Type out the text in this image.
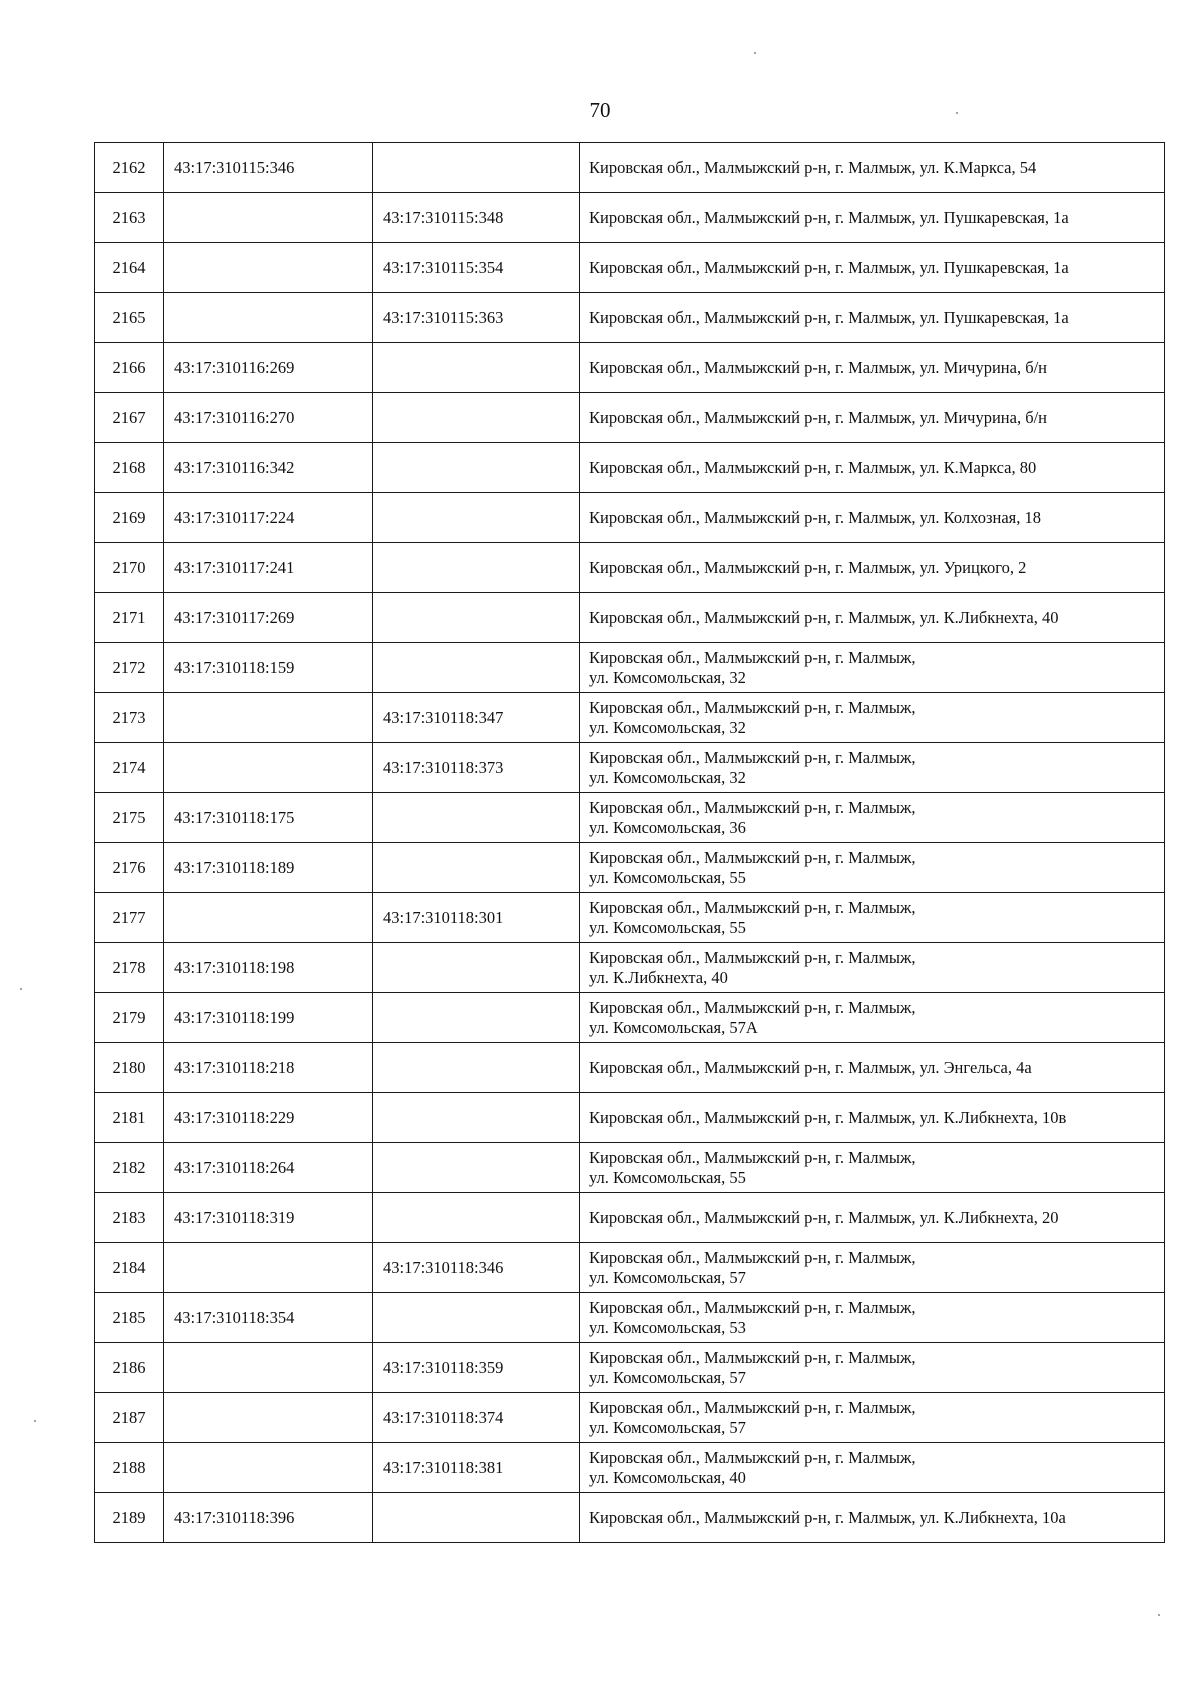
70
2162	43:17:310115:346		Кировская обл., Малмыжский р-н, г. Малмыж, ул. К.Маркса, 54

2163		43:17:310115:348	Кировская обл., Малмыжский р-н, г. Малмыж, ул. Пушкаревская, 1а

2164		43:17:310115:354	Кировская обл., Малмыжский р-н, г. Малмыж, ул. Пушкаревская, 1а

2165		43:17:310115:363	Кировская обл., Малмыжский р-н, г. Малмыж, ул. Пушкаревская, 1а

2166	43:17:310116:269		Кировская обл., Малмыжский р-н, г. Малмыж, ул. Мичурина, б/н

2167	43:17:310116:270		Кировская обл., Малмыжский р-н, г. Малмыж, ул. Мичурина, б/н

2168	43:17:310116:342		Кировская обл., Малмыжский р-н, г. Малмыж, ул. К.Маркса, 80

2169	43:17:310117:224		Кировская обл., Малмыжский р-н, г. Малмыж, ул. Колхозная, 18

2170	43:17:310117:241		Кировская обл., Малмыжский р-н, г. Малмыж, ул. Урицкого, 2

2171	43:17:310117:269		Кировская обл., Малмыжский р-н, г. Малмыж, ул. К.Либкнехта, 40

2172	43:17:310118:159		Кировская обл., Малмыжский р-н, г. Малмыж,
ул. Комсомольская, 32

2173		43:17:310118:347	Кировская обл., Малмыжский р-н, г. Малмыж,
ул. Комсомольская, 32

2174		43:17:310118:373	Кировская обл., Малмыжский р-н, г. Малмыж,
ул. Комсомольская, 32

2175	43:17:310118:175		Кировская обл., Малмыжский р-н, г. Малмыж,
ул. Комсомольская, 36

2176	43:17:310118:189		Кировская обл., Малмыжский р-н, г. Малмыж,
ул. Комсомольская, 55

2177		43:17:310118:301	Кировская обл., Малмыжский р-н, г. Малмыж,
ул. Комсомольская, 55

2178	43:17:310118:198		Кировская обл., Малмыжский р-н, г. Малмыж,
ул. К.Либкнехта, 40

2179	43:17:310118:199		Кировская обл., Малмыжский р-н, г. Малмыж,
ул. Комсомольская, 57А

2180	43:17:310118:218		Кировская обл., Малмыжский р-н, г. Малмыж, ул. Энгельса, 4а

2181	43:17:310118:229		Кировская обл., Малмыжский р-н, г. Малмыж, ул. К.Либкнехта, 10в

2182	43:17:310118:264		Кировская обл., Малмыжский р-н, г. Малмыж,
ул. Комсомольская, 55

2183	43:17:310118:319		Кировская обл., Малмыжский р-н, г. Малмыж, ул. К.Либкнехта, 20

2184		43:17:310118:346	Кировская обл., Малмыжский р-н, г. Малмыж,
ул. Комсомольская, 57

2185	43:17:310118:354		Кировская обл., Малмыжский р-н, г. Малмыж,
ул. Комсомольская, 53

2186		43:17:310118:359	Кировская обл., Малмыжский р-н, г. Малмыж,
ул. Комсомольская, 57

2187		43:17:310118:374	Кировская обл., Малмыжский р-н, г. Малмыж,
ул. Комсомольская, 57

2188		43:17:310118:381	Кировская обл., Малмыжский р-н, г. Малмыж,
ул. Комсомольская, 40

2189	43:17:310118:396		Кировская обл., Малмыжский р-н, г. Малмыж, ул. К.Либкнехта, 10а
